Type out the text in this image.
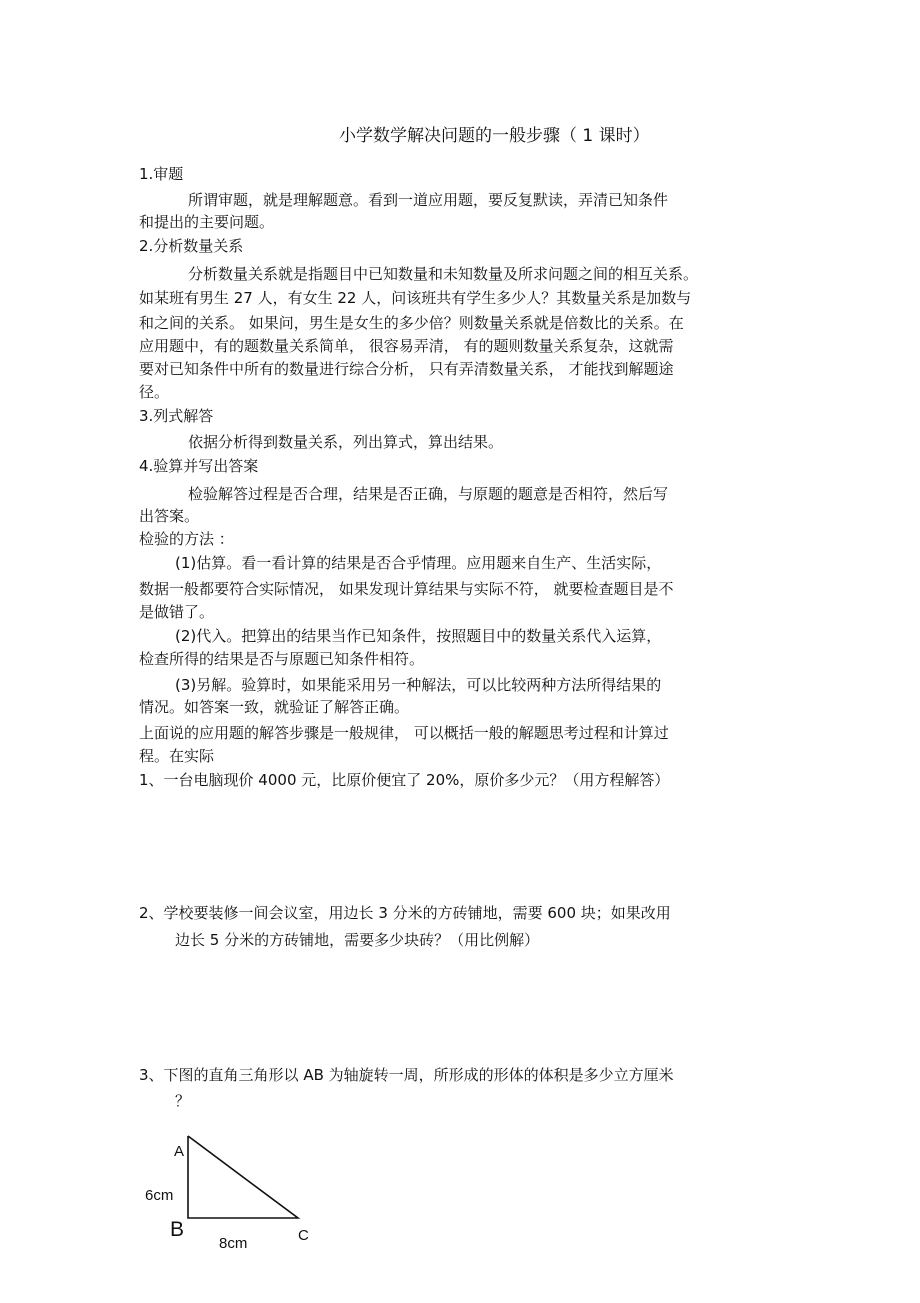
小学数学解决问题的一般步骤（ 1 课时）
1.审题
所谓审题，就是理解题意。看到一道应用题，要反复默读，弄清已知条件
和提出的主要问题。
2.分析数量关系
分析数量关系就是指题目中已知数量和未知数量及所求问题之间的相互关系。
如某班有男生 27 人，有女生 22 人，问该班共有学生多少人？其数量关系是加数与
和之间的关系。 如果问，男生是女生的多少倍？则数量关系就是倍数比的关系。在
应用题中，有的题数量关系简单， 很容易弄清， 有的题则数量关系复杂，这就需
要对已知条件中所有的数量进行综合分析， 只有弄清数量关系， 才能找到解题途
径。
3.列式解答
依据分析得到数量关系，列出算式，算出结果。
4.验算并写出答案
检验解答过程是否合理，结果是否正确，与原题的题意是否相符，然后写
出答案。
检验的方法 ：
(1)估算。看一看计算的结果是否合乎情理。应用题来自生产、生活实际，
数据一般都要符合实际情况， 如果发现计算结果与实际不符， 就要检查题目是不
是做错了。
(2)代入。把算出的结果当作已知条件，按照题目中的数量关系代入运算，
检查所得的结果是否与原题已知条件相符。
(3)另解。验算时，如果能采用另一种解法，可以比较两种方法所得结果的
情况。如答案一致，就验证了解答正确。
上面说的应用题的解答步骤是一般规律， 可以概括一般的解题思考过程和计算过
程。在实际
1、一台电脑现价 4000 元，比原价便宜了 20%，原价多少元？（用方程解答）
2、学校要装修一间会议室，用边长 3 分米的方砖铺地，需要 600 块；如果改用
边长 5 分米的方砖铺地，需要多少块砖？（用比例解）
3、下图的直角三角形以 AB 为轴旋转一周，所形成的形体的体积是多少立方厘米
？
A
6cm
B	C
8cm
